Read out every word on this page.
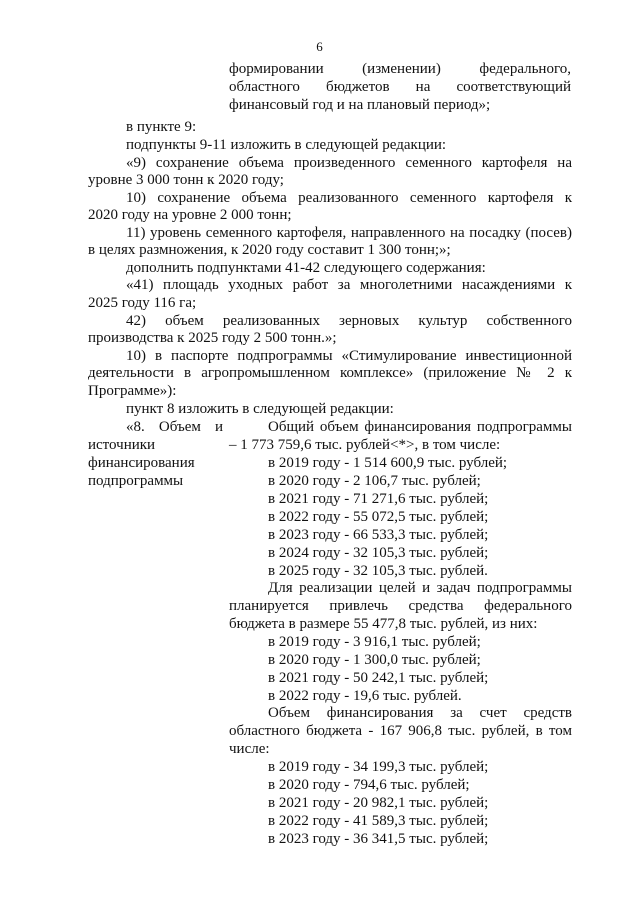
6
формировании (изменении) федерального,
областного бюджетов на соответствующий
финансовый год и на плановый период»;
в пункте 9:
подпункты 9-11 изложить в следующей редакции:
«9) сохранение объема произведенного семенного картофеля на
уровне 3 000 тонн к 2020 году;
10) сохранение объема реализованного семенного картофеля к
2020 году на уровне 2 000 тонн;
11) уровень семенного картофеля, направленного на посадку (посев)
в целях размножения, к 2020 году составит 1 300 тонн;»;
дополнить подпунктами 41-42 следующего содержания:
«41) площадь уходных работ за многолетними насаждениями к
2025 году 116 га;
42) объем реализованных зерновых культур собственного
производства к 2025 году 2 500 тонн.»;
10) в паспорте подпрограммы «Стимулирование инвестиционной
деятельности в агропромышленном комплексе» (приложение № 2 к
Программе»):
пункт 8 изложить в следующей редакции:
«8. Объем и
источники
финансирования
подпрограммы
Общий объем финансирования подпрограммы
– 1 773 759,6 тыс. рублей<*>, в том числе:
в 2019 году - 1 514 600,9 тыс. рублей;
в 2020 году - 2 106,7 тыс. рублей;
в 2021 году - 71 271,6 тыс. рублей;
в 2022 году - 55 072,5 тыс. рублей;
в 2023 году - 66 533,3 тыс. рублей;
в 2024 году - 32 105,3 тыс. рублей;
в 2025 году - 32 105,3 тыс. рублей.
Для реализации целей и задач подпрограммы
планируется привлечь средства федерального
бюджета в размере 55 477,8 тыс. рублей, из них:
в 2019 году - 3 916,1 тыс. рублей;
в 2020 году - 1 300,0 тыс. рублей;
в 2021 году - 50 242,1 тыс. рублей;
в 2022 году - 19,6 тыс. рублей.
Объем финансирования за счет средств
областного бюджета - 167 906,8 тыс. рублей, в том
числе:
в 2019 году - 34 199,3 тыс. рублей;
в 2020 году - 794,6 тыс. рублей;
в 2021 году - 20 982,1 тыс. рублей;
в 2022 году - 41 589,3 тыс. рублей;
в 2023 году - 36 341,5 тыс. рублей;
